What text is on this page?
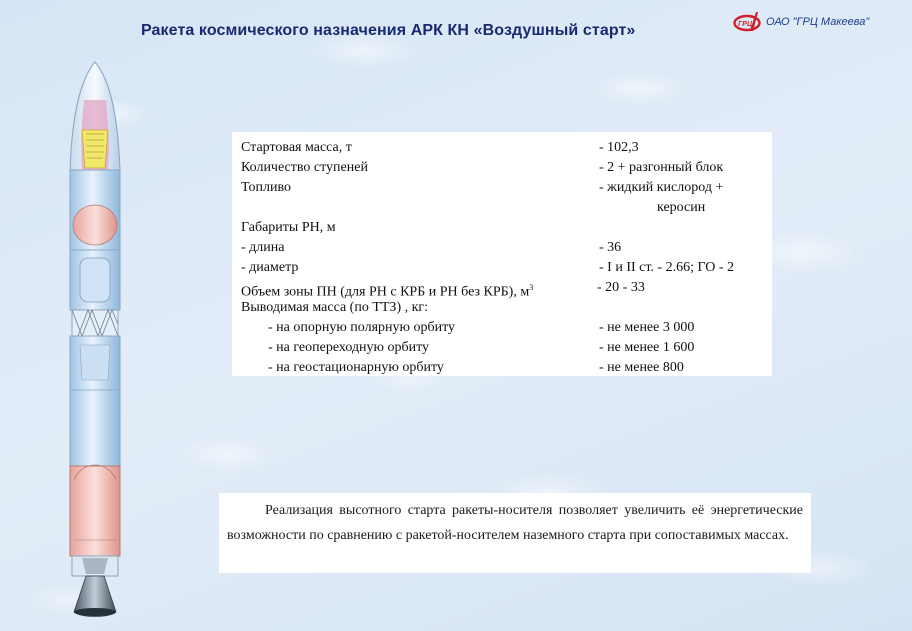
Ракета космического назначения АРК КН «Воздушный старт»	ГРЦ ОАО "ГРЦ Макеева"
Стартовая масса, т	- 102,3
Количество ступеней	- 2 + разгонный блок
Топливо	- жидкий кислород +
керосин
Габариты РН, м
- длина	- 36
- диаметр	- I и II ст. - 2.66; ГО - 2
Объем зоны ПН (для РН с КРБ и РН без КРБ), $м^3$	- 20 - 33
Выводимая масса (по ТТЗ) , кг:
- на опорную полярную орбиту	- не менее 3 000
- на геопереходную орбиту	- не менее 1 600
- на геостационарную орбиту	- не менее 800
Реализация высотного старта ракеты-носителя позволяет увеличить её энергетические возможности по сравнению с ракетой-носителем наземного старта при сопоставимых массах.
